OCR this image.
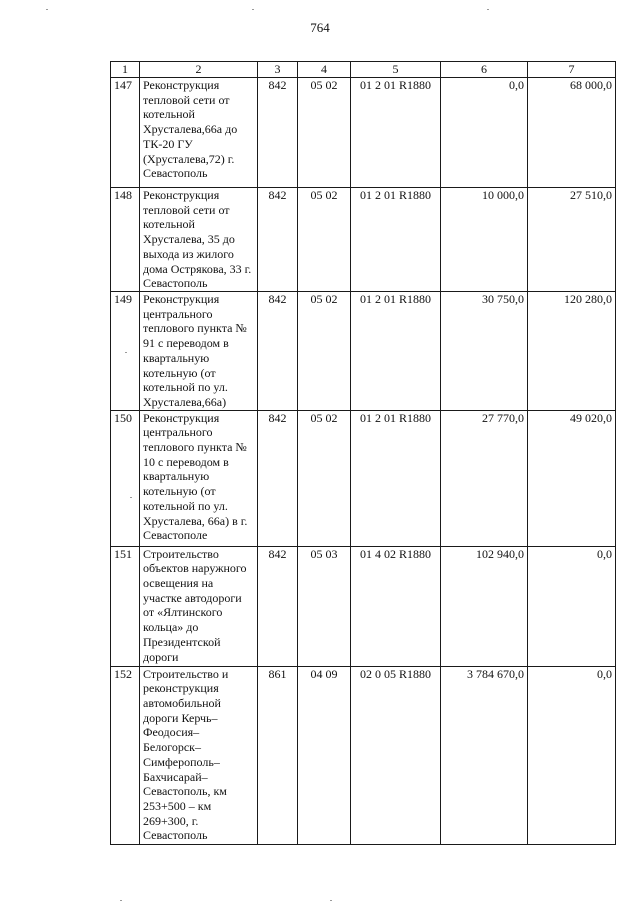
764
1	2	3	4	5	6	7
147	Реконструкция тепловой сети от котельной Хрусталева,66а до ТК-20 ГУ (Хрусталева,72) г. Севастополь	842	05 02	01 2 01 R1880	0,0	68 000,0
148	Реконструкция тепловой сети от котельной Хрусталева, 35 до выхода из жилого дома Острякова, 33 г. Севастополь	842	05 02	01 2 01 R1880	10 000,0	27 510,0
149	Реконструкция центрального теплового пункта № 91 с переводом в квартальную котельную (от котельной по ул. Хрусталева,66а)	842	05 02	01 2 01 R1880	30 750,0	120 280,0
150	Реконструкция центрального теплового пункта № 10 с переводом в квартальную котельную (от котельной по ул. Хрусталева, 66а) в г. Севастополе	842	05 02	01 2 01 R1880	27 770,0	49 020,0
151	Строительство объектов наружного освещения на участке автодороги от «Ялтинского кольца» до Президентской дороги	842	05 03	01 4 02 R1880	102 940,0	0,0
152	Строительство и реконструкция автомобильной дороги Керчь–Феодосия–Белогорск–Симферополь–Бахчисарай–Севастополь, км 253+500 – км 269+300, г. Севастополь	861	04 09	02 0 05 R1880	3 784 670,0	0,0
